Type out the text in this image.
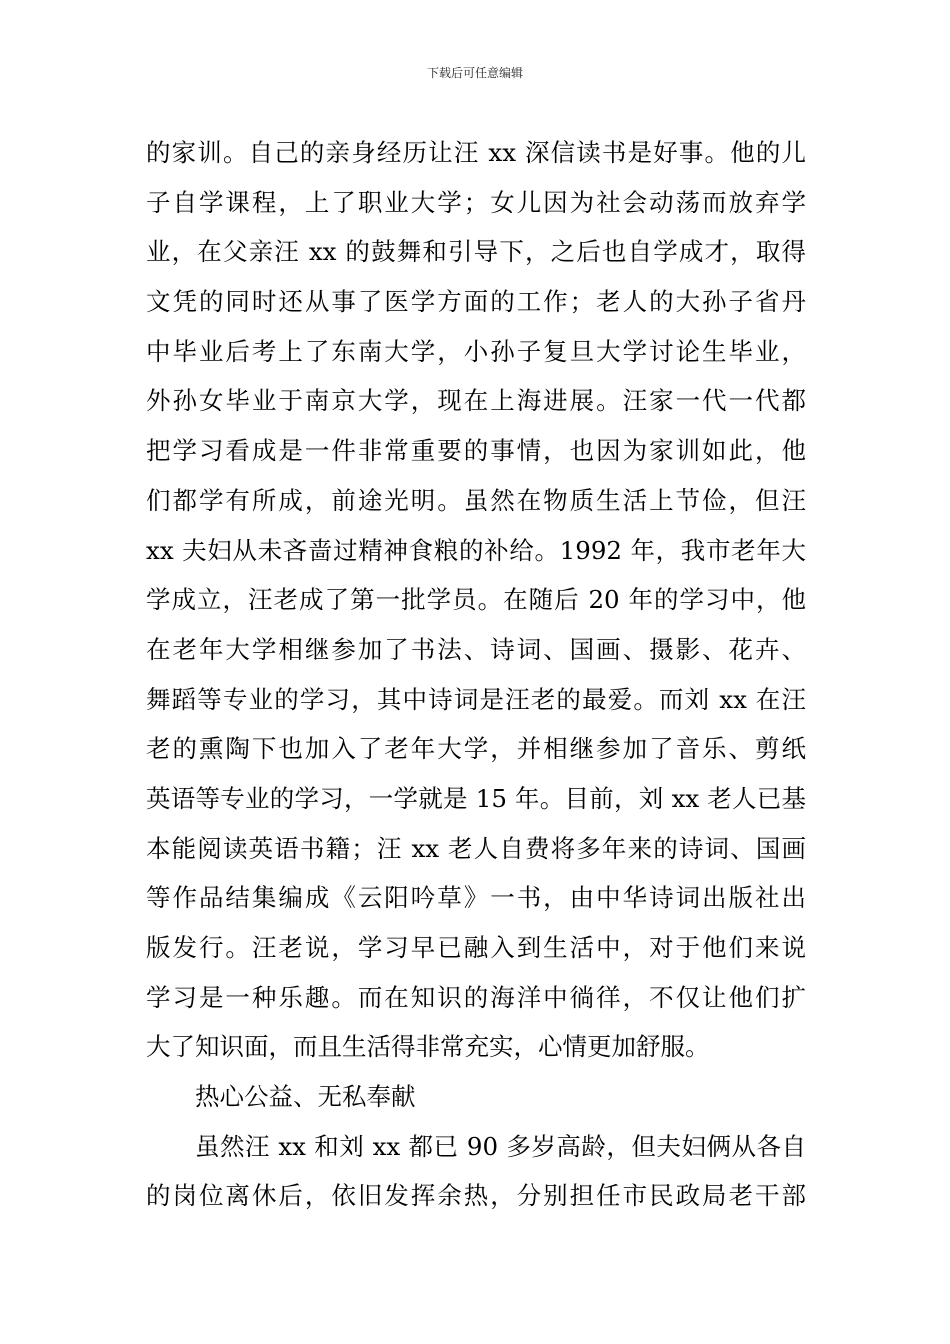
下载后可任意编辑
的家训。自己的亲身经历让汪 xx 深信读书是好事。他的儿
子自学课程，上了职业大学；女儿因为社会动荡而放弃学
业，在父亲汪 xx 的鼓舞和引导下，之后也自学成才，取得
文凭的同时还从事了医学方面的工作；老人的大孙子省丹
中毕业后考上了东南大学，小孙子复旦大学讨论生毕业，
外孙女毕业于南京大学，现在上海进展。汪家一代一代都
把学习看成是一件非常重要的事情，也因为家训如此，他
们都学有所成，前途光明。虽然在物质生活上节俭，但汪
xx 夫妇从未吝啬过精神食粮的补给。1992 年，我市老年大
学成立，汪老成了第一批学员。在随后 20 年的学习中，他
在老年大学相继参加了书法、诗词、国画、摄影、花卉、
舞蹈等专业的学习，其中诗词是汪老的最爱。而刘 xx 在汪
老的熏陶下也加入了老年大学，并相继参加了音乐、剪纸
英语等专业的学习，一学就是 15 年。目前，刘 xx 老人已基
本能阅读英语书籍；汪 xx 老人自费将多年来的诗词、国画
等作品结集编成《云阳吟草》一书，由中华诗词出版社出
版发行。汪老说，学习早已融入到生活中，对于他们来说
学习是一种乐趣。而在知识的海洋中徜徉，不仅让他们扩
大了知识面，而且生活得非常充实，心情更加舒服。
热心公益、无私奉献
虽然汪 xx 和刘 xx 都已 90 多岁高龄，但夫妇俩从各自
的岗位离休后，依旧发挥余热，分别担任市民政局老干部
